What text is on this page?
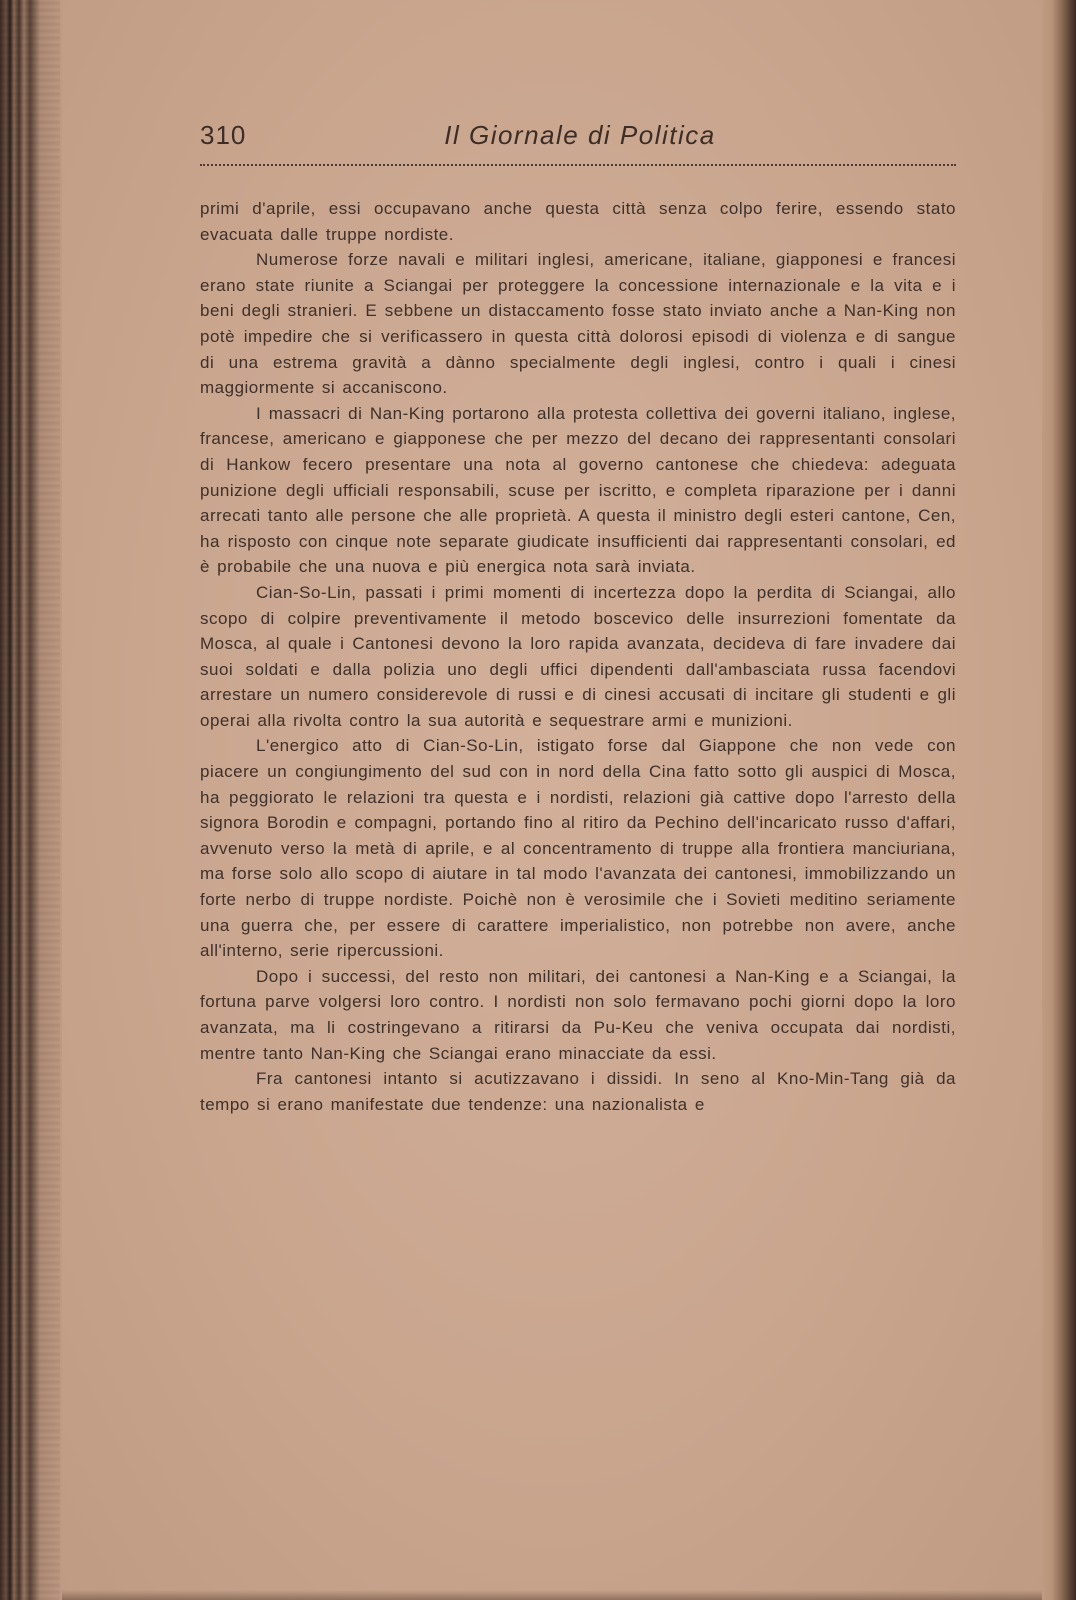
310	Il Giornale di Politica

primi d'aprile, essi occupavano anche questa città senza colpo ferire, essendo stato evacuata dalle truppe nordiste.

Numerose forze navali e militari inglesi, americane, italiane, giapponesi e francesi erano state riunite a Sciangai per proteggere la concessione internazionale e la vita e i beni degli stranieri. E sebbene un distaccamento fosse stato inviato anche a Nan-King non potè impedire che si verificassero in questa città dolorosi episodi di violenza e di sangue di una estrema gravità a dànno specialmente degli inglesi, contro i quali i cinesi maggiormente si accaniscono.

I massacri di Nan-King portarono alla protesta collettiva dei governi italiano, inglese, francese, americano e giapponese che per mezzo del decano dei rappresentanti consolari di Hankow fecero presentare una nota al governo cantonese che chiedeva: adeguata punizione degli ufficiali responsabili, scuse per iscritto, e completa riparazione per i danni arrecati tanto alle persone che alle proprietà. A questa il ministro degli esteri cantone, Cen, ha risposto con cinque note separate giudicate insufficienti dai rappresentanti consolari, ed è probabile che una nuova e più energica nota sarà inviata.

Cian-So-Lin, passati i primi momenti di incertezza dopo la perdita di Sciangai, allo scopo di colpire preventivamente il metodo boscevico delle insurrezioni fomentate da Mosca, al quale i Cantonesi devono la loro rapida avanzata, decideva di fare invadere dai suoi soldati e dalla polizia uno degli uffici dipendenti dall'ambasciata russa facendovi arrestare un numero considerevole di russi e di cinesi accusati di incitare gli studenti e gli operai alla rivolta contro la sua autorità e sequestrare armi e munizioni.

L'energico atto di Cian-So-Lin, istigato forse dal Giappone che non vede con piacere un congiungimento del sud con in nord della Cina fatto sotto gli auspici di Mosca, ha peggiorato le relazioni tra questa e i nordisti, relazioni già cattive dopo l'arresto della signora Borodin e compagni, portando fino al ritiro da Pechino dell'incaricato russo d'affari, avvenuto verso la metà di aprile, e al concentramento di truppe alla frontiera manciuriana, ma forse solo allo scopo di aiutare in tal modo l'avanzata dei cantonesi, immobilizzando un forte nerbo di truppe nordiste. Poichè non è verosimile che i Sovieti meditino seriamente una guerra che, per essere di carattere imperialistico, non potrebbe non avere, anche all'interno, serie ripercussioni.

Dopo i successi, del resto non militari, dei cantonesi a Nan-King e a Sciangai, la fortuna parve volgersi loro contro. I nordisti non solo fermavano pochi giorni dopo la loro avanzata, ma li costringevano a ritirarsi da Pu-Keu che veniva occupata dai nordisti, mentre tanto Nan-King che Sciangai erano minacciate da essi.

Fra cantonesi intanto si acutizzavano i dissidi. In seno al Kno-Min-Tang già da tempo si erano manifestate due tendenze: una nazionalista e
